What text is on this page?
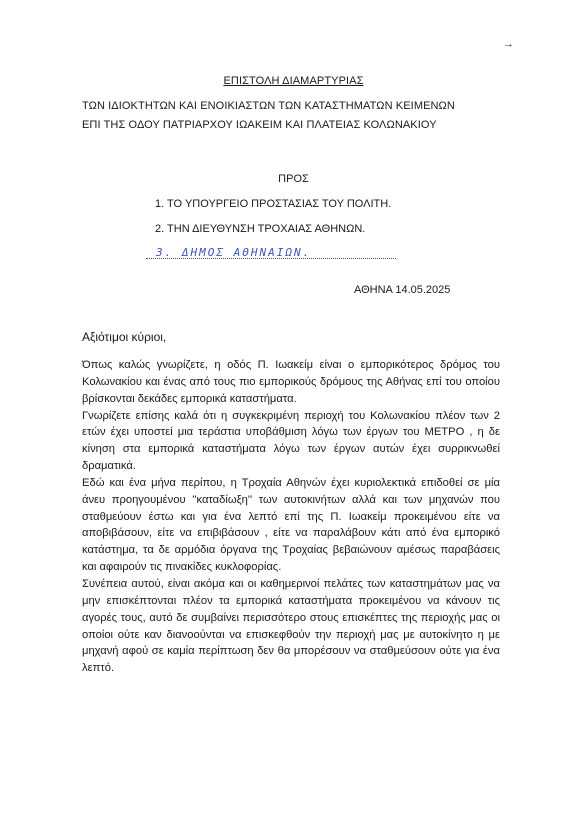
→
ΕΠΙΣΤΟΛΗ ΔΙΑΜΑΡΤΥΡΙΑΣ
ΤΩΝ ΙΔΙΟΚΤΗΤΩΝ ΚΑΙ ΕΝΟΙΚΙΑΣΤΩΝ ΤΩΝ ΚΑΤΑΣΤΗΜΑΤΩΝ ΚΕΙΜΕΝΩΝ
ΕΠΙ ΤΗΣ ΟΔΟΥ ΠΑΤΡΙΑΡΧΟΥ ΙΩΑΚΕΙΜ ΚΑΙ ΠΛΑΤΕΙΑΣ ΚΟΛΩΝΑΚΙΟΥ
ΠΡΟΣ
1. ΤΟ ΥΠΟΥΡΓΕΙΟ ΠΡΟΣΤΑΣΙΑΣ ΤΟΥ ΠΟΛΙΤΗ.
2. ΤΗΝ ΔΙΕΥΘΥΝΣΗ ΤΡΟΧΑΙΑΣ ΑΘΗΝΩΝ.
3. ΔΗΜΟΣ ΑΘΗΝΑΙΩΝ.
ΑΘΗΝΑ 14.05.2025
Αξιότιμοι κύριοι,

Όπως καλώς γνωρίζετε, η οδός Π. Ιωακείμ είναι ο εμπορικότερος δρόμος του Κολωνακίου και ένας από τους πιο εμπορικούς δρόμους της Αθήνας επί του οποίου βρίσκονται δεκάδες εμπορικά καταστήματα.

Γνωρίζετε επίσης καλά ότι η συγκεκριμένη περιοχή του Κολωνακίου πλέον των 2 ετών έχει υποστεί μια τεράστια υποβάθμιση λόγω των έργων του ΜΕΤΡΟ , η δε κίνηση στα εμπορικά καταστήματα λόγω των έργων αυτών έχει συρρικνωθεί δραματικά.

Εδώ και ένα μήνα περίπου, η Τροχαία Αθηνών έχει κυριολεκτικά επιδοθεί σε μία άνευ προηγουμένου ''καταδίωξη'' των αυτοκινήτων αλλά και των μηχανών που σταθμεύουν έστω και για ένα λεπτό επί της Π. Ιωακείμ προκειμένου είτε να αποβιβάσουν, είτε να επιβιβάσουν , είτε να παραλάβουν κάτι από ένα εμπορικό κατάστημα, τα δε αρμόδια όργανα της Τροχαίας βεβαιώνουν αμέσως παραβάσεις και αφαιρούν τις πινακίδες κυκλοφορίας.

Συνέπεια αυτού, είναι ακόμα και οι καθημερινοί πελάτες των καταστημάτων μας να μην επισκέπτονται πλέον τα εμπορικά καταστήματα προκειμένου να κάνουν τις αγορές τους, αυτό δε συμβαίνει περισσότερο στους επισκέπτες της περιοχής μας οι οποίοι ούτε καν διανοούνται να επισκεφθούν την περιοχή μας με αυτοκίνητο η με μηχανή αφού σε καμία περίπτωση δεν θα μπορέσουν να σταθμεύσουν ούτε για ένα λεπτό.
